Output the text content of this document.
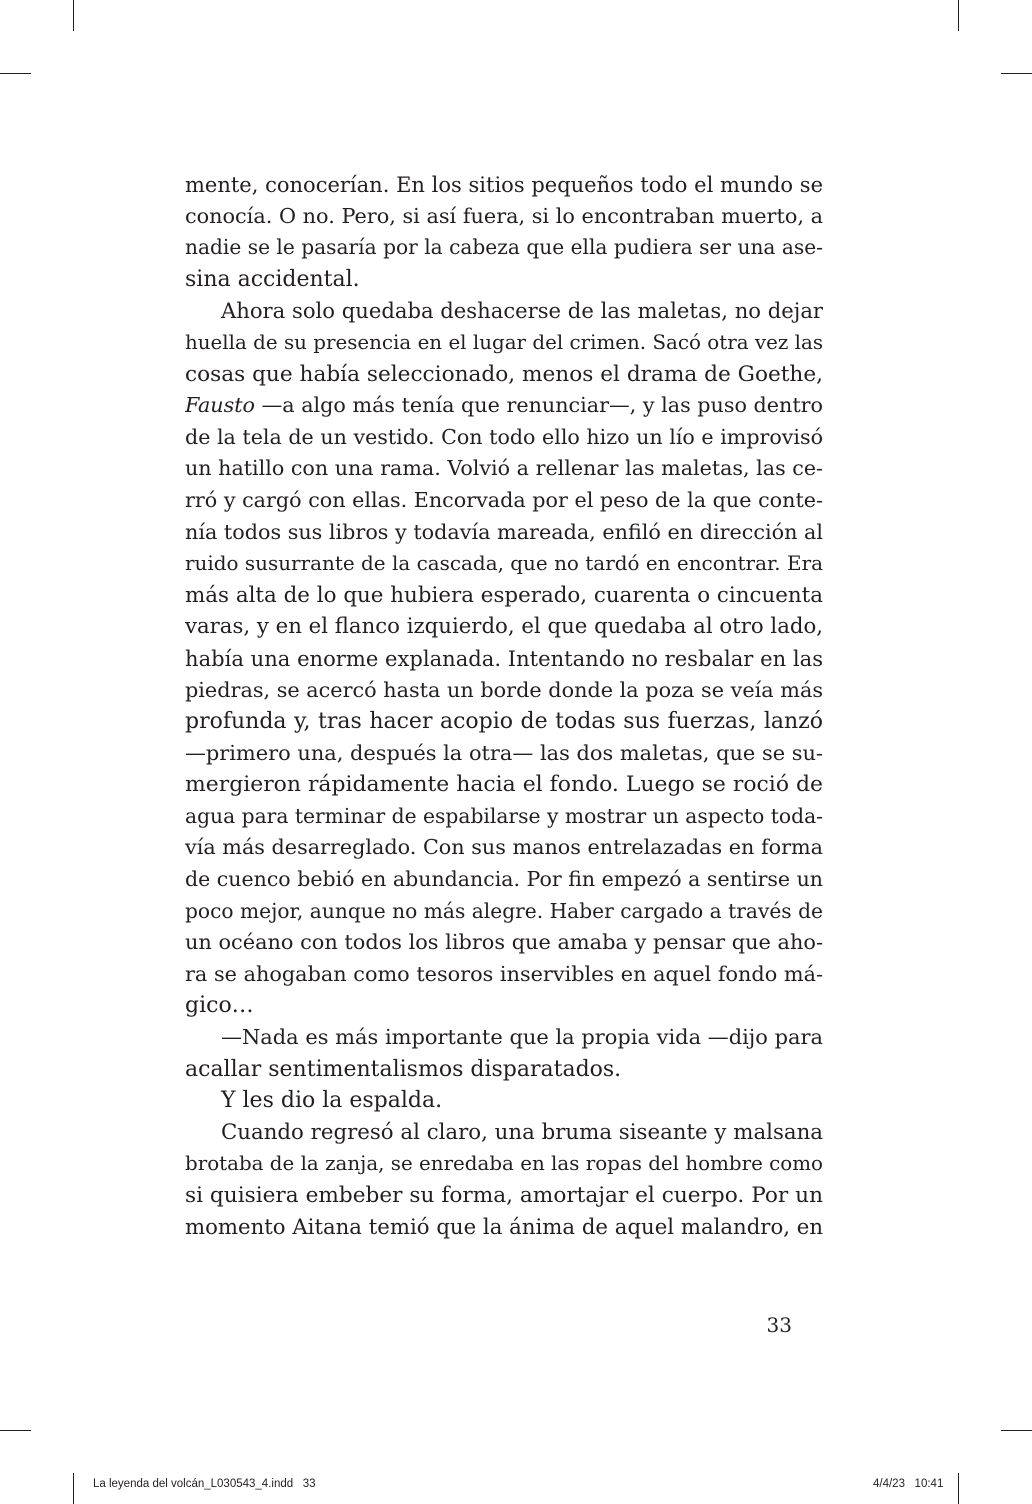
mente, conocerían. En los sitios pequeños todo el mundo se
conocía. O no. Pero, si así fuera, si lo encontraban muerto, a
nadie se le pasaría por la cabeza que ella pudiera ser una ase-
sina accidental.
Ahora solo quedaba deshacerse de las maletas, no dejar
huella de su presencia en el lugar del crimen. Sacó otra vez las
cosas que había seleccionado, menos el drama de Goethe,
Fausto —a algo más tenía que renunciar—, y las puso dentro
de la tela de un vestido. Con todo ello hizo un lío e improvisó
un hatillo con una rama. Volvió a rellenar las maletas, las ce-
rró y cargó con ellas. Encorvada por el peso de la que conte-
nía todos sus libros y todavía mareada, enfiló en dirección al
ruido susurrante de la cascada, que no tardó en encontrar. Era
más alta de lo que hubiera esperado, cuarenta o cincuenta
varas, y en el flanco izquierdo, el que quedaba al otro lado,
había una enorme explanada. Intentando no resbalar en las
piedras, se acercó hasta un borde donde la poza se veía más
profunda y, tras hacer acopio de todas sus fuerzas, lanzó
—primero una, después la otra— las dos maletas, que se su-
mergieron rápidamente hacia el fondo. Luego se roció de
agua para terminar de espabilarse y mostrar un aspecto toda-
vía más desarreglado. Con sus manos entrelazadas en forma
de cuenco bebió en abundancia. Por fin empezó a sentirse un
poco mejor, aunque no más alegre. Haber cargado a través de
un océano con todos los libros que amaba y pensar que aho-
ra se ahogaban como tesoros inservibles en aquel fondo má-
gico…
—Nada es más importante que la propia vida —dijo para
acallar sentimentalismos disparatados.
Y les dio la espalda.
Cuando regresó al claro, una bruma siseante y malsana
brotaba de la zanja, se enredaba en las ropas del hombre como
si quisiera embeber su forma, amortajar el cuerpo. Por un
momento Aitana temió que la ánima de aquel malandro, en
33
La leyenda del volcán_L030543_4.indd   33	4/4/23   10:41
